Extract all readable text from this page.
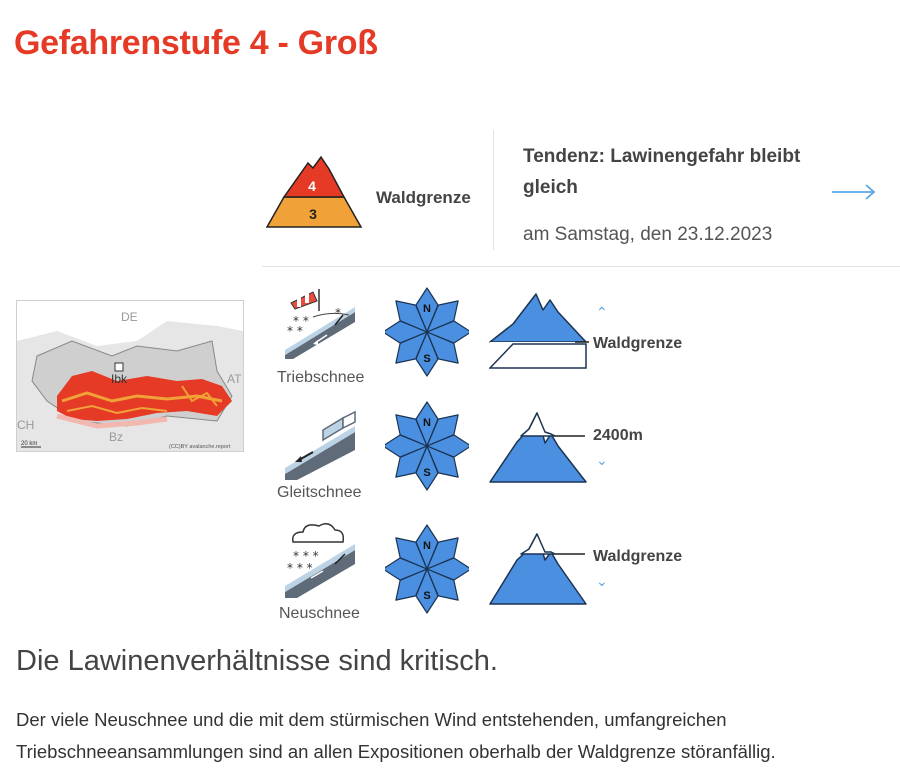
Gefahrenstufe 4 - Groß
4
3
Waldgrenze
Tendenz: Lawinengefahr bleibt gleich
am Samstag, den 23.12.2023
DE
Ibk	AT
CH
Bz
20 km	(CC)BY avalanche.report
* *
* *
*
Triebschnee
N
S
⌃
Waldgrenze
Gleitschnee
N
S
2400m
⌄
* * *
* * *
Neuschnee
N
S
Waldgrenze
⌄
Die Lawinenverhältnisse sind kritisch.

Der viele Neuschnee und die mit dem stürmischen Wind entstehenden, umfangreichen Triebschneeansammlungen sind an allen Expositionen oberhalb der Waldgrenze störanfällig.
